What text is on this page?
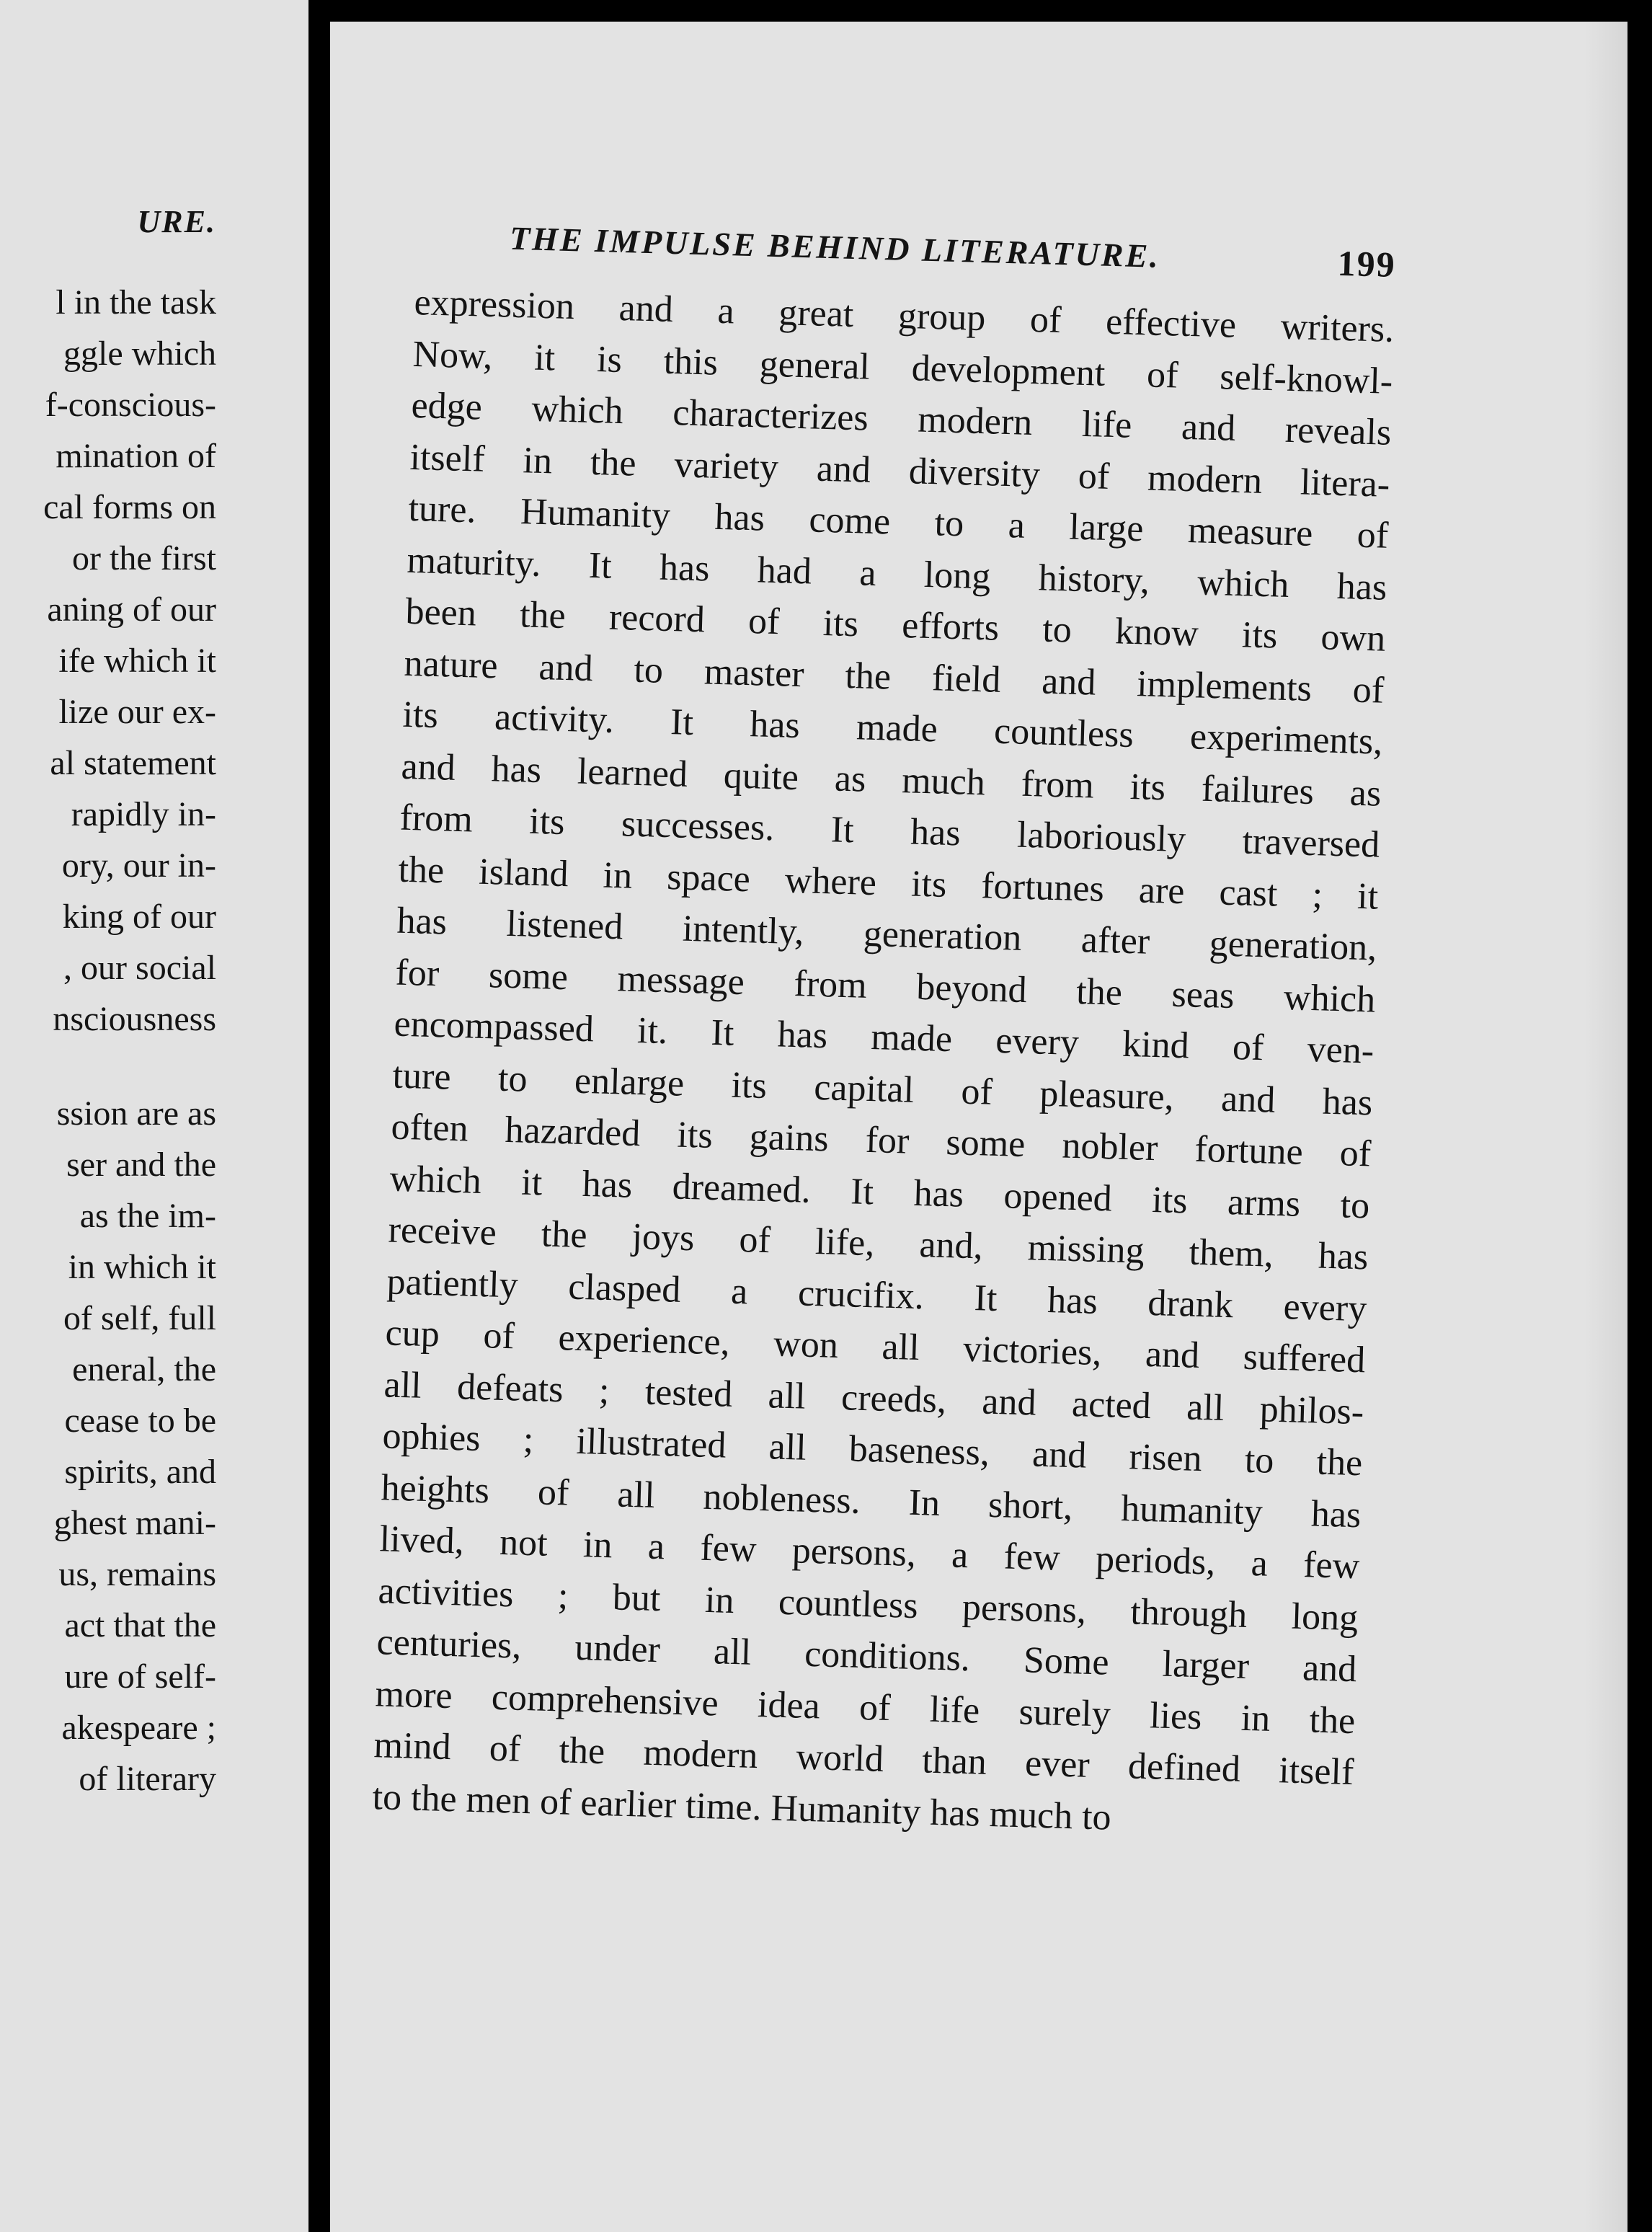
URE.
l in the task
ggle which
f-conscious-
mination of
cal forms on
or the first
aning of our
ife which it
lize our ex-
al statement
rapidly in-
ory, our in-
king of our
, our social
nsciousness
ssion are as
ser and the
as the im-
in which it
of self, full
eneral, the
cease to be
spirits, and
ghest mani-
us, remains
act that the
ure of self-
akespeare ;
of literary
THE IMPULSE BEHIND LITERATURE.	199
expression and a great group of effective writers.
Now, it is this general development of self-knowl-
edge which characterizes modern life and reveals
itself in the variety and diversity of modern litera-
ture. Humanity has come to a large measure of
maturity. It has had a long history, which has
been the record of its efforts to know its own
nature and to master the field and implements of
its activity. It has made countless experiments,
and has learned quite as much from its failures as
from its successes. It has laboriously traversed
the island in space where its fortunes are cast ; it
has listened intently, generation after generation,
for some message from beyond the seas which
encompassed it. It has made every kind of ven-
ture to enlarge its capital of pleasure, and has
often hazarded its gains for some nobler fortune of
which it has dreamed. It has opened its arms to
receive the joys of life, and, missing them, has
patiently clasped a crucifix. It has drank every
cup of experience, won all victories, and suffered
all defeats ; tested all creeds, and acted all philos-
ophies ; illustrated all baseness, and risen to the
heights of all nobleness. In short, humanity has
lived, not in a few persons, a few periods, a few
activities ; but in countless persons, through long
centuries, under all conditions. Some larger and
more comprehensive idea of life surely lies in the
mind of the modern world than ever defined itself
to the men of earlier time. Humanity has much to
